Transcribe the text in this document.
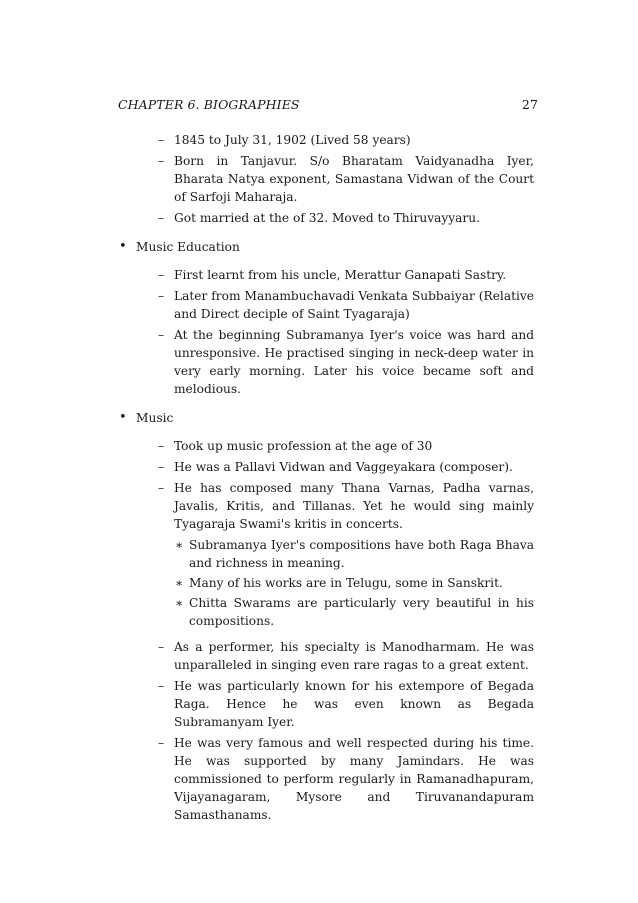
CHAPTER 6. BIOGRAPHIES	27
– 1845 to July 31, 1902 (Lived 58 years)
– Born in Tanjavur. S/o Bharatam Vaidyanadha Iyer, Bharata Natya exponent, Samastana Vidwan of the Court of Sarfoji Maharaja.
– Got married at the of 32. Moved to Thiruvayyaru.
• Music Education
– First learnt from his uncle, Merattur Ganapati Sastry.
– Later from Manambuchavadi Venkata Subbaiyar (Relative and Direct deciple of Saint Tyagaraja)
– At the beginning Subramanya Iyer's voice was hard and unresponsive. He practised singing in neck-deep water in very early morning. Later his voice became soft and melodious.
• Music
– Took up music profession at the age of 30
– He was a Pallavi Vidwan and Vaggeyakara (composer).
– He has composed many Thana Varnas, Padha varnas, Javalis, Kritis, and Tillanas. Yet he would sing mainly Tyagaraja Swami's kritis in concerts.
∗ Subramanya Iyer's compositions have both Raga Bhava and richness in meaning.
∗ Many of his works are in Telugu, some in Sanskrit.
∗ Chitta Swarams are particularly very beautiful in his compositions.
– As a performer, his specialty is Manodharmam. He was unparalleled in singing even rare ragas to a great extent.
– He was particularly known for his extempore of Begada Raga. Hence he was even known as Begada Subramanyam Iyer.
– He was very famous and well respected during his time. He was supported by many Jamindars. He was commissioned to perform regularly in Ramanadhapuram, Vijayanagaram, Mysore and Tiruvanandapuram Samasthanams.
